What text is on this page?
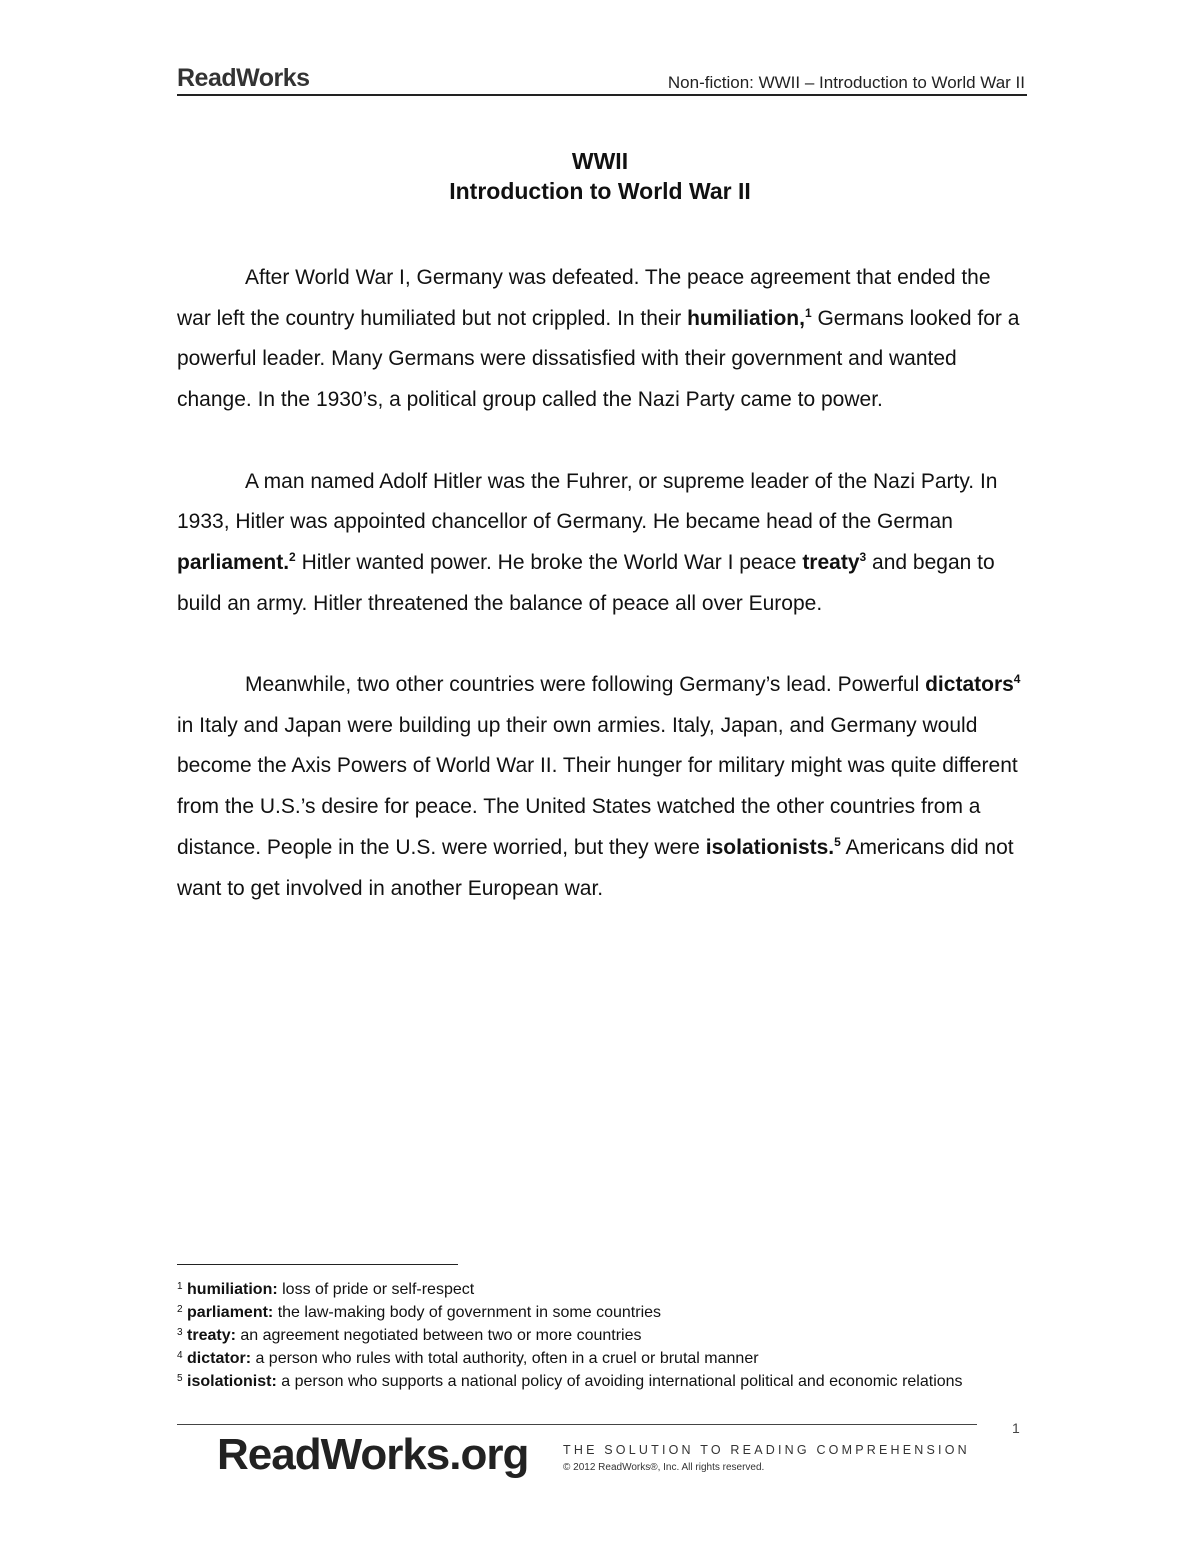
ReadWorks	Non-fiction: WWII – Introduction to World War II
WWII
Introduction to World War II

After World War I, Germany was defeated. The peace agreement that ended the war left the country humiliated but not crippled. In their humiliation,$^1$ Germans looked for a powerful leader. Many Germans were dissatisfied with their government and wanted change. In the 1930’s, a political group called the Nazi Party came to power.

A man named Adolf Hitler was the Fuhrer, or supreme leader of the Nazi Party. In 1933, Hitler was appointed chancellor of Germany. He became head of the German parliament.$^2$ Hitler wanted power. He broke the World War I peace treaty$^3$ and began to build an army. Hitler threatened the balance of peace all over Europe.

Meanwhile, two other countries were following Germany’s lead. Powerful dictators$^4$ in Italy and Japan were building up their own armies. Italy, Japan, and Germany would become the Axis Powers of World War II. Their hunger for military might was quite different from the U.S.’s desire for peace. The United States watched the other countries from a distance. People in the U.S. were worried, but they were isolationists.$^5$ Americans did not want to get involved in another European war.

$^1$ humiliation: loss of pride or self-respect
$^2$ parliament: the law-making body of government in some countries
$^3$ treaty: an agreement negotiated between two or more countries
$^4$ dictator: a person who rules with total authority, often in a cruel or brutal manner
$^5$ isolationist: a person who supports a national policy of avoiding international political and economic relations
1
ReadWorks.org	THE SOLUTION TO READING COMPREHENSION
© 2012 ReadWorks®, Inc. All rights reserved.
